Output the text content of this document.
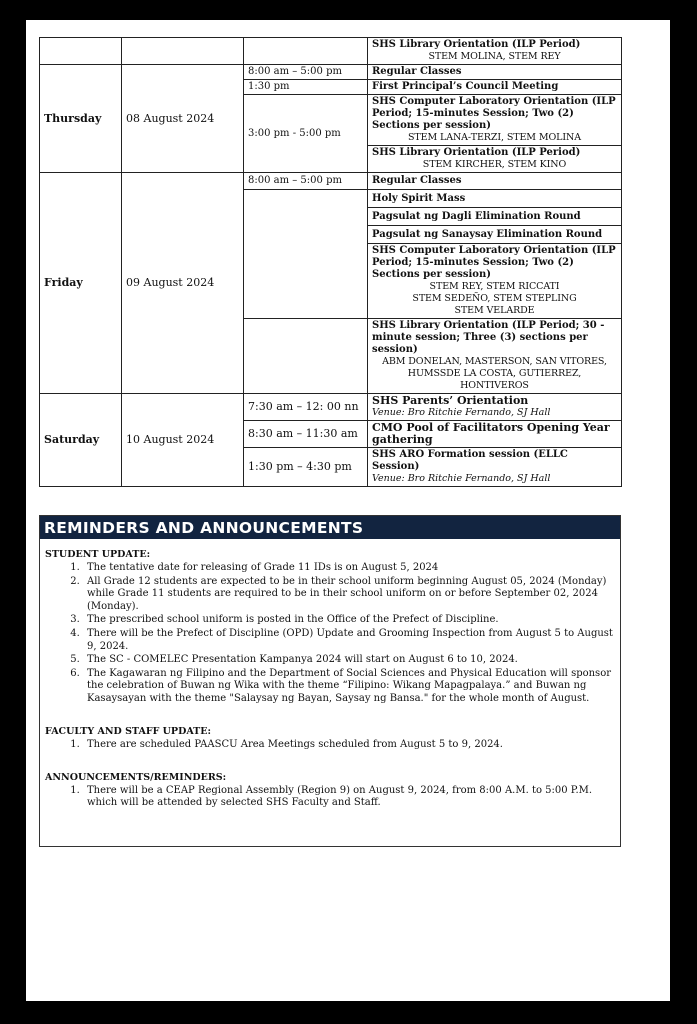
			SHS Library Orientation (ILP Period)
STEM MOLINA, STEM REY

Thursday	08 August 2024	8:00 am – 5:00 pm	Regular Classes
		1:30 pm	First Principal’s Council Meeting
		3:00 pm - 5:00 pm	SHS Computer Laboratory Orientation (ILP Period; 15-minutes Session; Two (2) Sections per session)
STEM LANA-TERZI, STEM MOLINA

			SHS Library Orientation (ILP Period)
STEM KIRCHER, STEM KINO

Friday	09 August 2024	8:00 am – 5:00 pm	Regular Classes
			Holy Spirit Mass
			Pagsulat ng Dagli Elimination Round
			Pagsulat ng Sanaysay Elimination Round

			SHS Computer Laboratory Orientation (ILP Period; 15-minutes Session; Two (2) Sections per session)
STEM REY, STEM RICCATI
STEM SEDEÑO, STEM STEPLING
STEM VELARDE

			SHS Library Orientation (ILP Period; 30 - minute session; Three (3) sections per session)
ABM DONELAN, MASTERSON, SAN VITORES,
HUMSSDE LA COSTA, GUTIERREZ, HONTIVEROS

Saturday	10 August 2024	7:30 am – 12: 00 nn	SHS Parents’ Orientation
Venue: Bro Ritchie Fernando, SJ Hall

		8:30 am – 11:30 am	CMO Pool of Facilitators Opening Year gathering
		1:30 pm – 4:30 pm	SHS ARO Formation session (ELLC Session)
Venue: Bro Ritchie Fernando, SJ Hall
REMINDERS AND ANNOUNCEMENTS
STUDENT UPDATE:
1. The tentative date for releasing of Grade 11 IDs is on August 5, 2024
2. All Grade 12 students are expected to be in their school uniform beginning August 05, 2024 (Monday) while Grade 11 students are required to be in their school uniform on or before September 02, 2024 (Monday).
3. The prescribed school uniform is posted in the Office of the Prefect of Discipline.
4. There will be the Prefect of Discipline (OPD) Update and Grooming Inspection from August 5 to August 9, 2024.
5. The SC - COMELEC Presentation Kampanya 2024 will start on August 6 to 10, 2024.
6. The Kagawaran ng Filipino and the Department of Social Sciences and Physical Education will sponsor the celebration of Buwan ng Wika with the theme “Filipino: Wikang Mapagpalaya.” and Buwan ng Kasaysayan with the theme "Salaysay ng Bayan, Saysay ng Bansa." for the whole month of August.
FACULTY AND STAFF UPDATE:
1. There are scheduled PAASCU Area Meetings scheduled from August 5 to 9, 2024.
ANNOUNCEMENTS/REMINDERS:
1. There will be a CEAP Regional Assembly (Region 9) on August 9, 2024, from 8:00 A.M. to 5:00 P.M. which will be attended by selected SHS Faculty and Staff.
